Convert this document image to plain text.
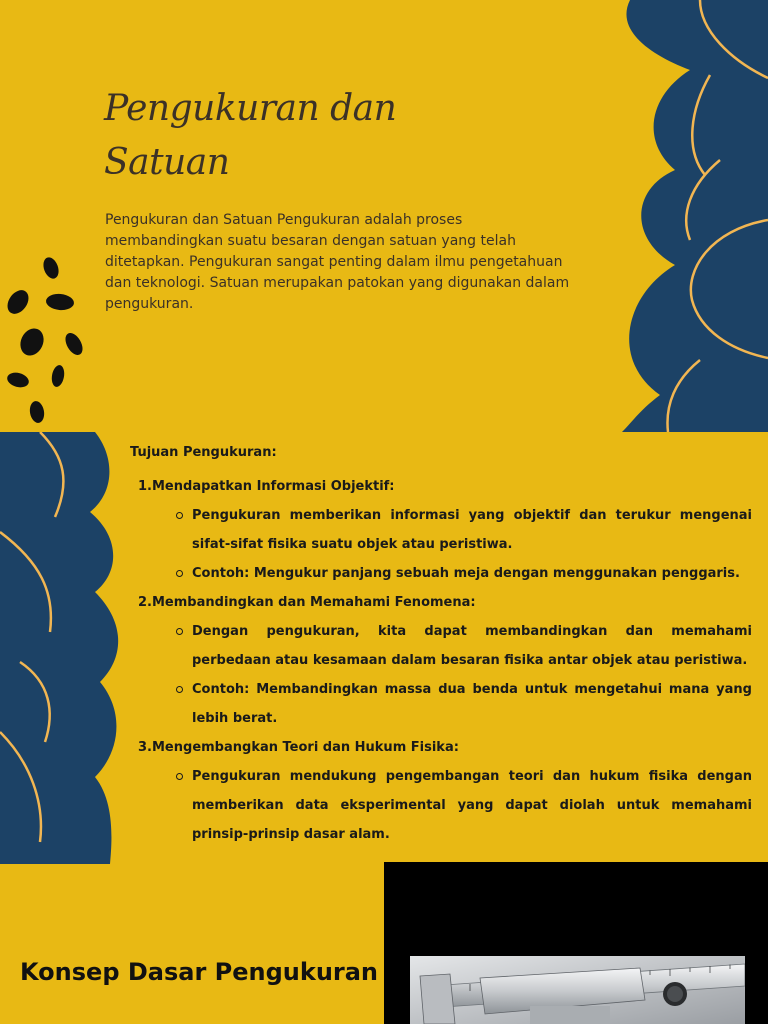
Pengukuran dan Satuan

Pengukuran dan Satuan Pengukuran adalah proses membandingkan suatu besaran dengan satuan yang telah ditetapkan. Pengukuran sangat penting dalam ilmu pengetahuan dan teknologi. Satuan merupakan patokan yang digunakan dalam pengukuran.

Tujuan Pengukuran:

1. Mendapatkan Informasi Objektif:
Pengukuran memberikan informasi yang objektif dan terukur mengenai sifat-sifat fisika suatu objek atau peristiwa.
Contoh: Mengukur panjang sebuah meja dengan menggunakan penggaris.
2. Membandingkan dan Memahami Fenomena:
Dengan pengukuran, kita dapat membandingkan dan memahami perbedaan atau kesamaan dalam besaran fisika antar objek atau peristiwa.
Contoh: Membandingkan massa dua benda untuk mengetahui mana yang lebih berat.
3. Mengembangkan Teori dan Hukum Fisika:
Pengukuran mendukung pengembangan teori dan hukum fisika dengan memberikan data eksperimental yang dapat diolah untuk memahami prinsip-prinsip dasar alam.
Konsep Dasar Pengukuran
